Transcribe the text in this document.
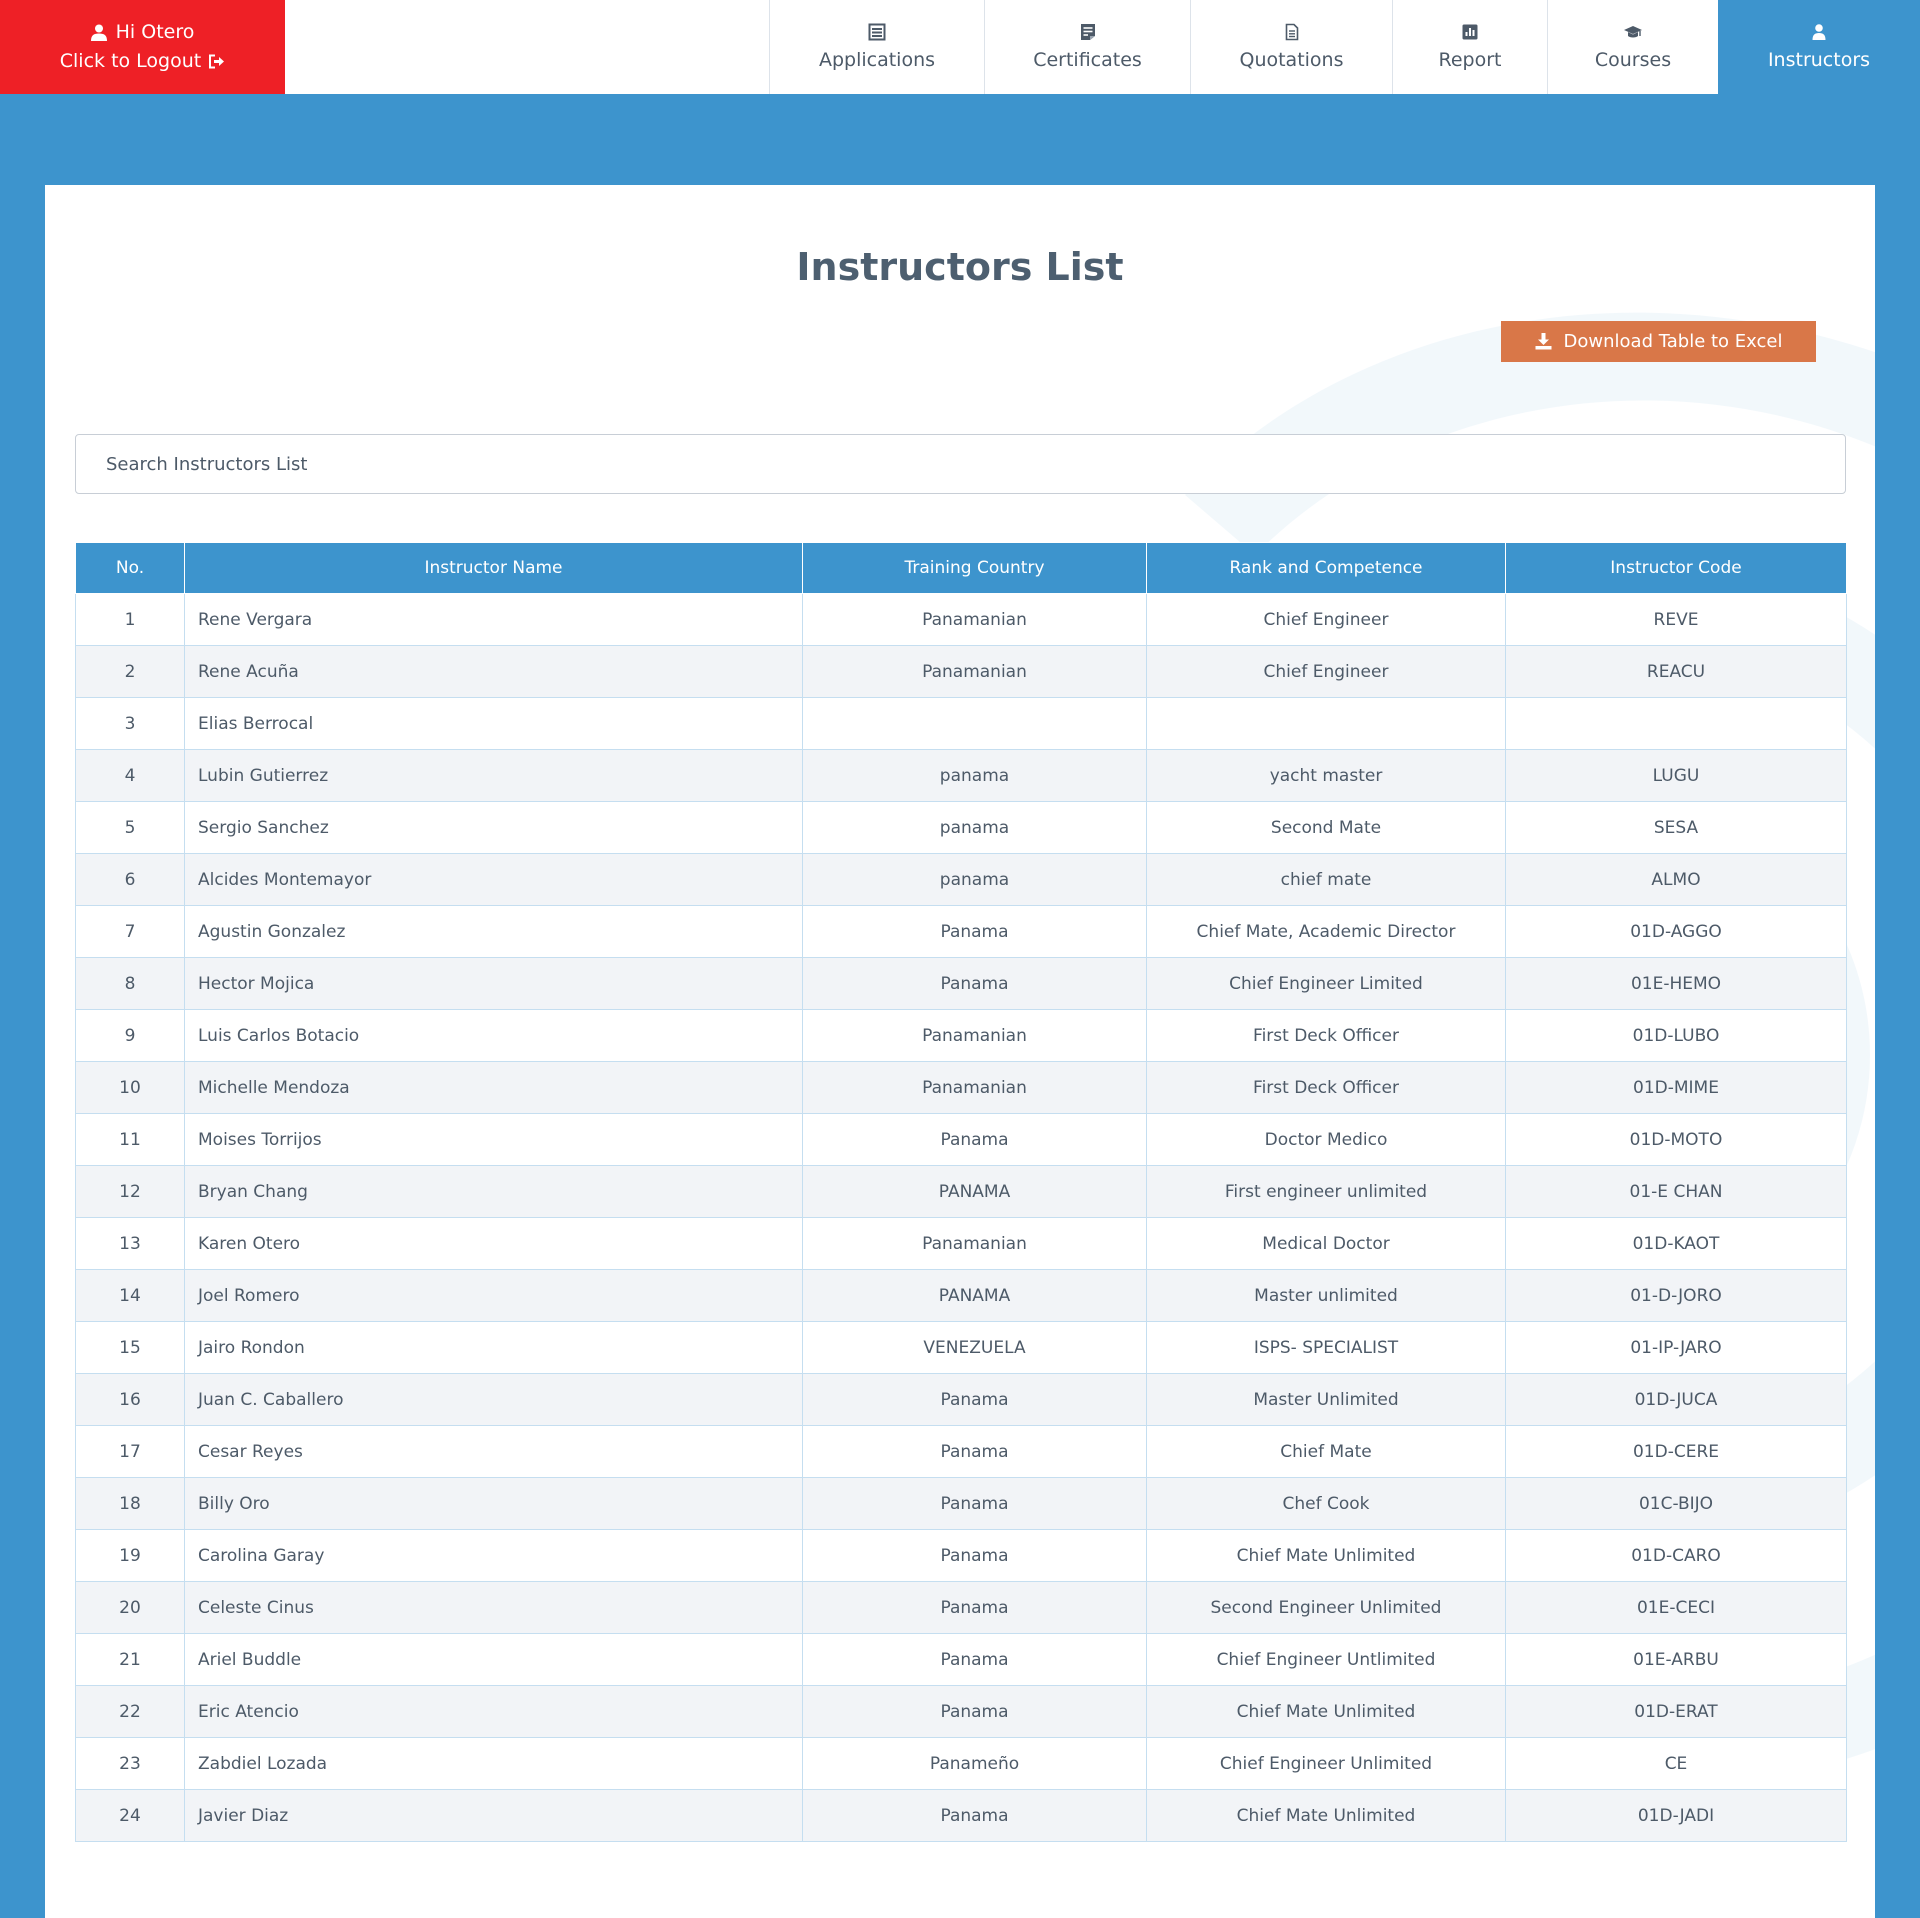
Hi Otero
Click to Logout	Applications	Certificates	Quotations	Report	Courses	Instructors
Instructors List
Download Table to Excel
Search Instructors List
No.	Instructor Name	Training Country	Rank and Competence	Instructor Code
1	Rene Vergara	Panamanian	Chief Engineer	REVE
2	Rene Acuña	Panamanian	Chief Engineer	REACU
3	Elias Berrocal			
4	Lubin Gutierrez	panama	yacht master	LUGU
5	Sergio Sanchez	panama	Second Mate	SESA
6	Alcides Montemayor	panama	chief mate	ALMO
7	Agustin Gonzalez	Panama	Chief Mate, Academic Director	01D-AGGO
8	Hector Mojica	Panama	Chief Engineer Limited	01E-HEMO
9	Luis Carlos Botacio	Panamanian	First Deck Officer	01D-LUBO
10	Michelle Mendoza	Panamanian	First Deck Officer	01D-MIME
11	Moises Torrijos	Panama	Doctor Medico	01D-MOTO
12	Bryan Chang	PANAMA	First engineer unlimited	01-E CHAN
13	Karen Otero	Panamanian	Medical Doctor	01D-KAOT
14	Joel Romero	PANAMA	Master unlimited	01-D-JORO
15	Jairo Rondon	VENEZUELA	ISPS- SPECIALIST	01-IP-JARO
16	Juan C. Caballero	Panama	Master Unlimited	01D-JUCA
17	Cesar Reyes	Panama	Chief Mate	01D-CERE
18	Billy Oro	Panama	Chef Cook	01C-BIJO
19	Carolina Garay	Panama	Chief Mate Unlimited	01D-CARO
20	Celeste Cinus	Panama	Second Engineer Unlimited	01E-CECI
21	Ariel Buddle	Panama	Chief Engineer Untlimited	01E-ARBU
22	Eric Atencio	Panama	Chief Mate Unlimited	01D-ERAT
23	Zabdiel Lozada	Panameño	Chief Engineer Unlimited	CE
24	Javier Diaz	Panama	Chief Mate Unlimited	01D-JADI
